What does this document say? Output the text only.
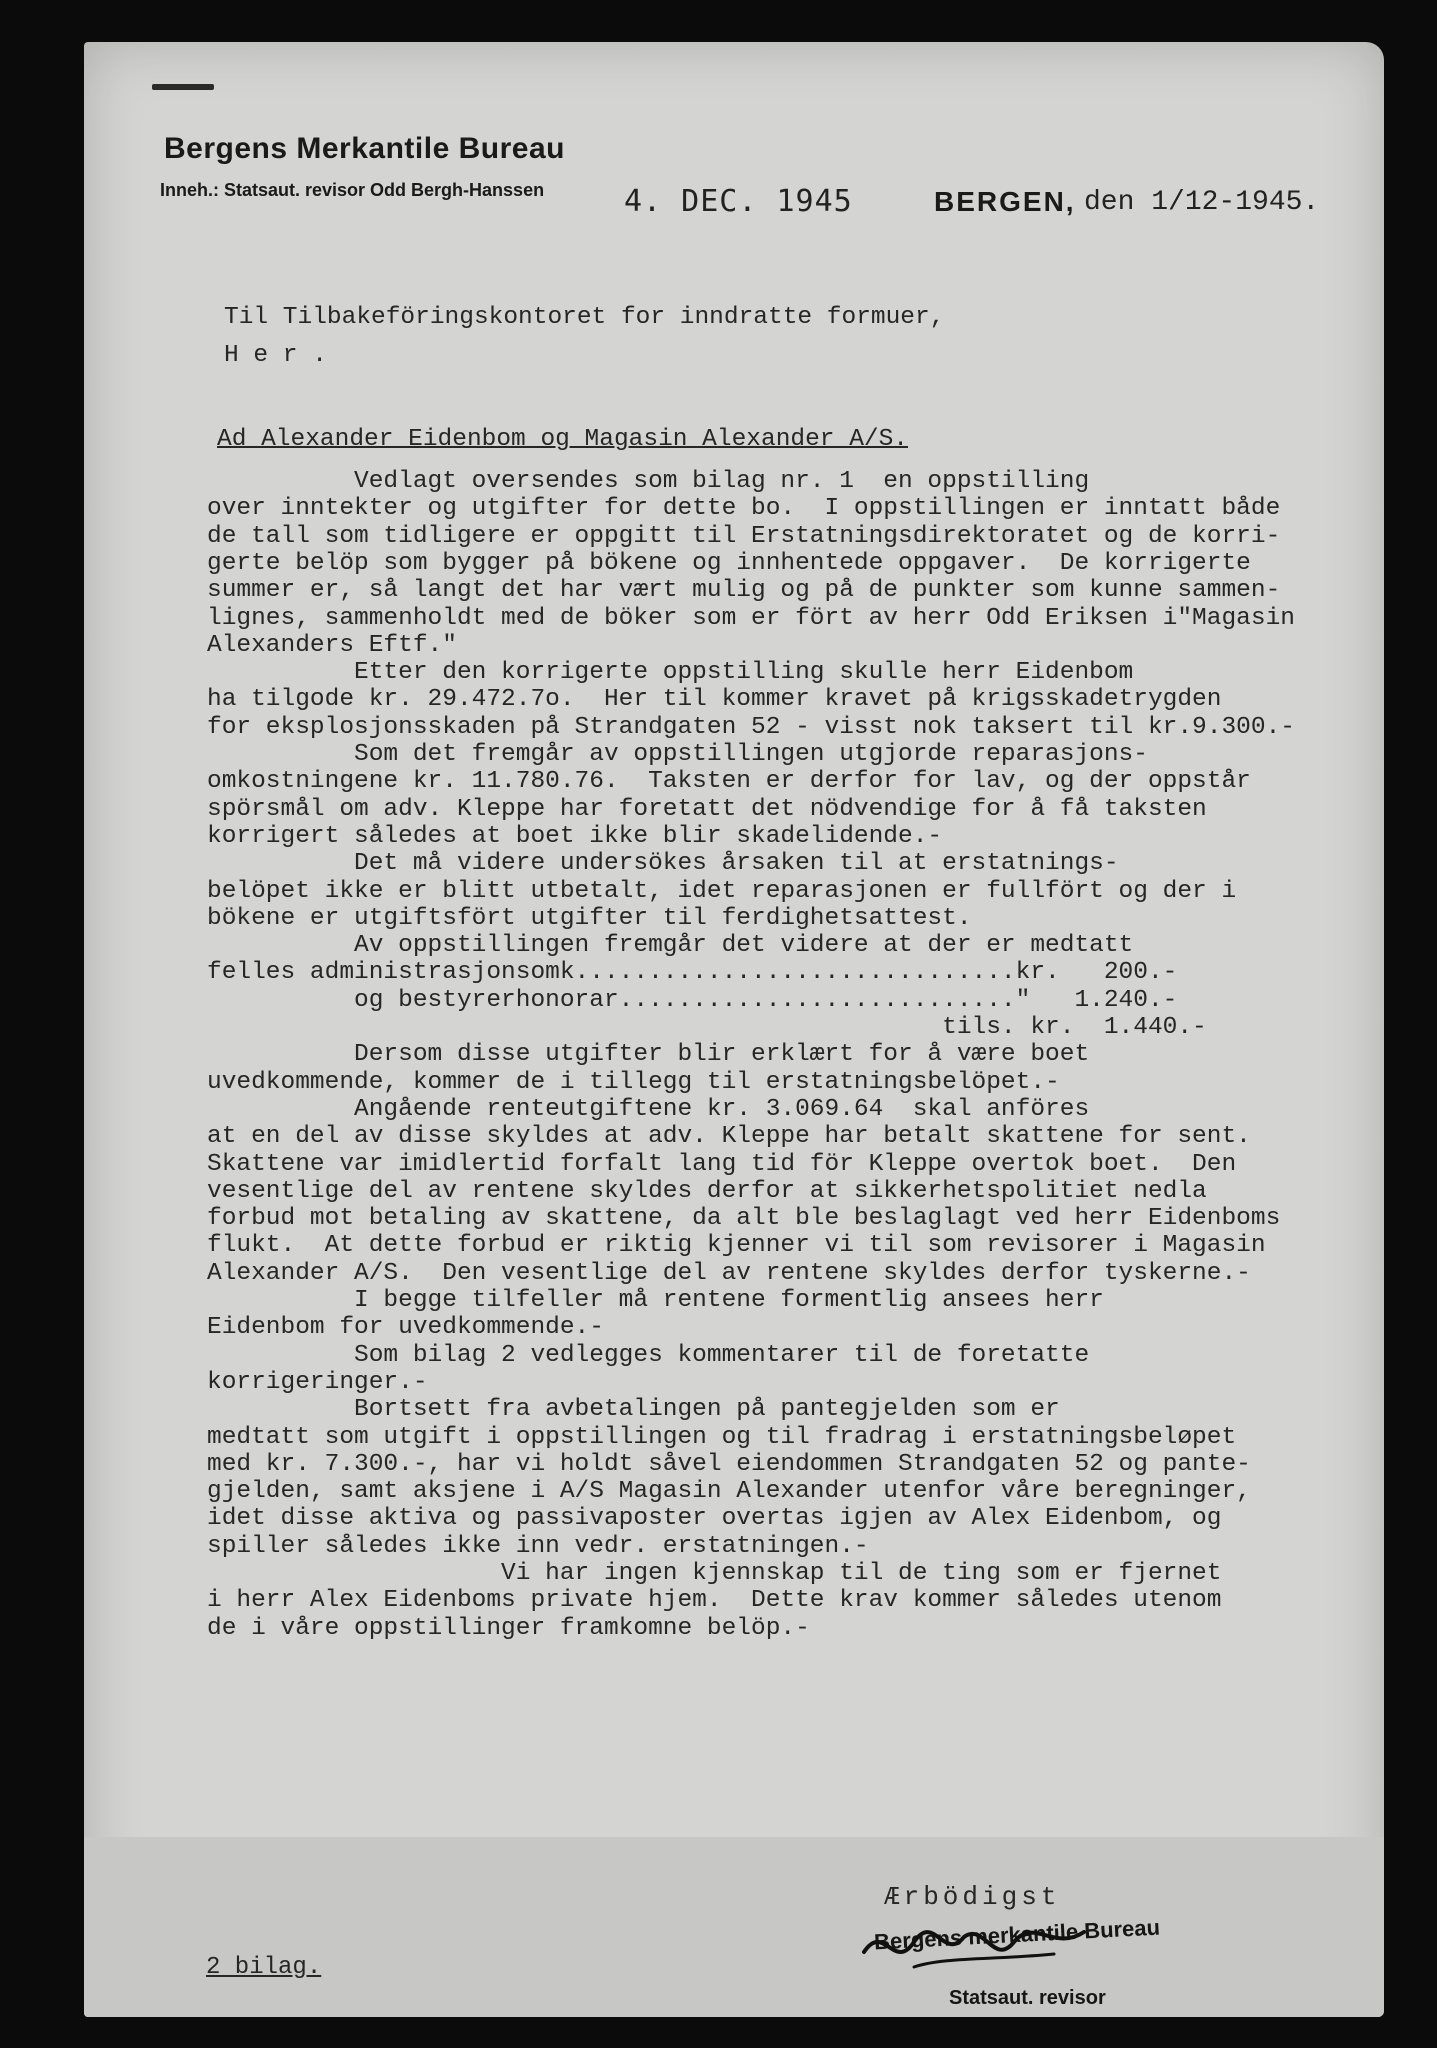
Bergens Merkantile Bureau
Inneh.: Statsaut. revisor Odd Bergh-Hanssen	4. DEC. 1945	BERGEN, den 1/12-1945.
Til Tilbakeföringskontoret for inndratte formuer,
H e r .
Ad Alexander Eidenbom og Magasin Alexander A/S.
Vedlagt oversendes som bilag nr. 1  en oppstilling
over inntekter og utgifter for dette bo.  I oppstillingen er inntatt både
de tall som tidligere er oppgitt til Erstatningsdirektoratet og de korri-
gerte belöp som bygger på bökene og innhentede oppgaver.  De korrigerte
summer er, så langt det har vært mulig og på de punkter som kunne sammen-
lignes, sammenholdt med de böker som er fört av herr Odd Eriksen i"Magasin
Alexanders Eftf."
Etter den korrigerte oppstilling skulle herr Eidenbom
ha tilgode kr. 29.472.7o.  Her til kommer kravet på krigsskadetrygden
for eksplosjonsskaden på Strandgaten 52 - visst nok taksert til kr.9.300.-
Som det fremgår av oppstillingen utgjorde reparasjons-
omkostningene kr. 11.780.76.  Taksten er derfor for lav, og der oppstår
spörsmål om adv. Kleppe har foretatt det nödvendige for å få taksten
korrigert således at boet ikke blir skadelidende.-
Det må videre undersökes årsaken til at erstatnings-
belöpet ikke er blitt utbetalt, idet reparasjonen er fullfört og der i
bökene er utgiftsfört utgifter til ferdighetsattest.
Av oppstillingen fremgår det videre at der er medtatt
felles administrasjonsomk..............................kr.   200.-
og bestyrerhonorar..........................."   1.240.-
tils. kr.  1.440.-
Dersom disse utgifter blir erklært for å være boet
uvedkommende, kommer de i tillegg til erstatningsbelöpet.-
Angående renteutgiftene kr. 3.069.64  skal anföres
at en del av disse skyldes at adv. Kleppe har betalt skattene for sent.
Skattene var imidlertid forfalt lang tid för Kleppe overtok boet.  Den
vesentlige del av rentene skyldes derfor at sikkerhetspolitiet nedla
forbud mot betaling av skattene, da alt ble beslaglagt ved herr Eidenboms
flukt.  At dette forbud er riktig kjenner vi til som revisorer i Magasin
Alexander A/S.  Den vesentlige del av rentene skyldes derfor tyskerne.-
I begge tilfeller må rentene formentlig ansees herr
Eidenbom for uvedkommende.-
Som bilag 2 vedlegges kommentarer til de foretatte
korrigeringer.-
Bortsett fra avbetalingen på pantegjelden som er
medtatt som utgift i oppstillingen og til fradrag i erstatningsbeløpet
med kr. 7.300.-, har vi holdt såvel eiendommen Strandgaten 52 og pante-
gjelden, samt aksjene i A/S Magasin Alexander utenfor våre beregninger,
idet disse aktiva og passivaposter overtas igjen av Alex Eidenbom, og
spiller således ikke inn vedr. erstatningen.-
Vi har ingen kjennskap til de ting som er fjernet
i herr Alex Eidenboms private hjem.  Dette krav kommer således utenom
de i våre oppstillinger framkomne belöp.-
Ærbödigst
Bergens merkantile Bureau
Statsaut. revisor
2 bilag.
